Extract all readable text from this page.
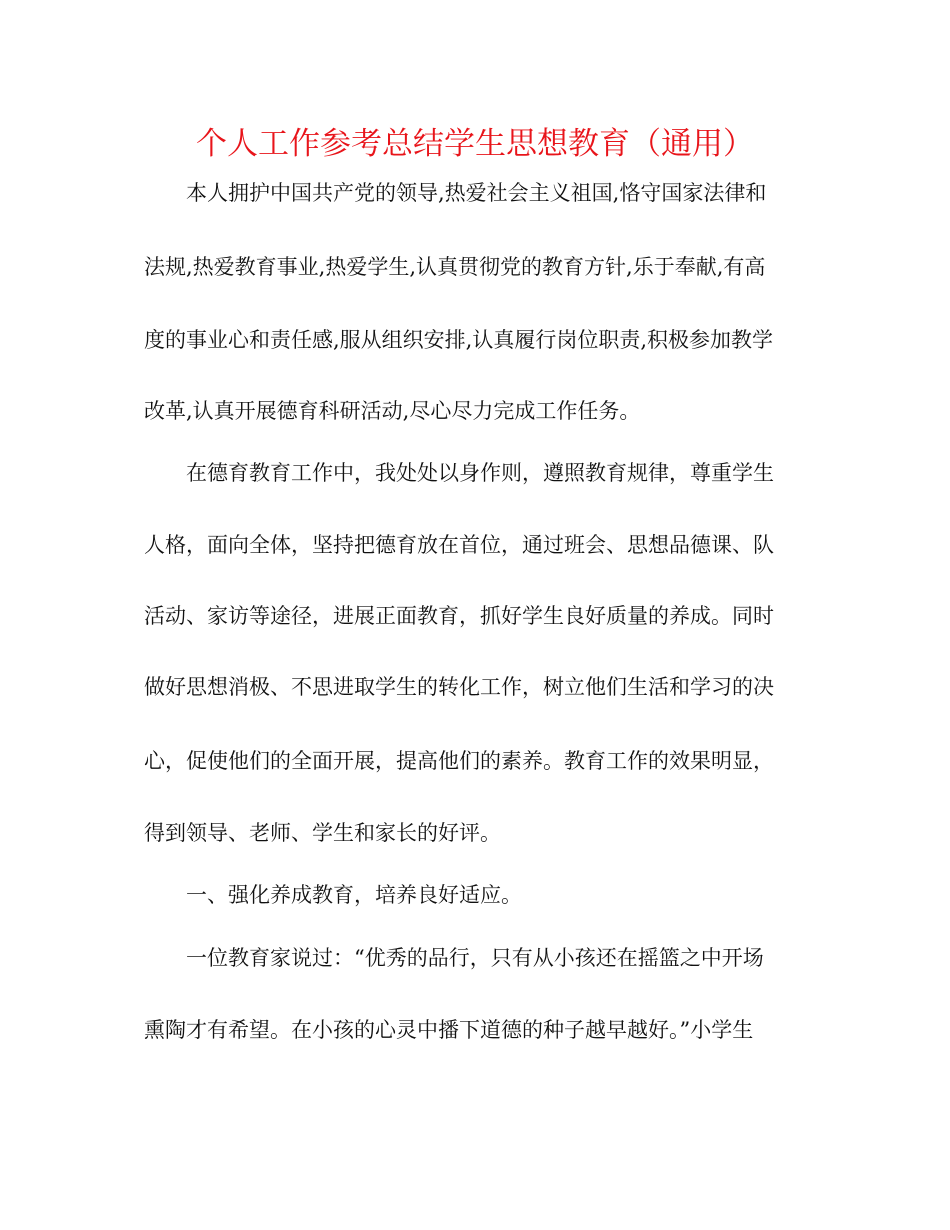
个人工作参考总结学生思想教育（通用）
本人拥护中国共产党的领导,热爱社会主义祖国,恪守国家法律和
法规,热爱教育事业,热爱学生,认真贯彻党的教育方针,乐于奉献,有高
度的事业心和责任感,服从组织安排,认真履行岗位职责,积极参加教学
改革,认真开展德育科研活动,尽心尽力完成工作任务。
在德育教育工作中，我处处以身作则，遵照教育规律，尊重学生
人格，面向全体，坚持把德育放在首位，通过班会、思想品德课、队
活动、家访等途径，进展正面教育，抓好学生良好质量的养成。同时
做好思想消极、不思进取学生的转化工作，树立他们生活和学习的决
心，促使他们的全面开展，提高他们的素养。教育工作的效果明显，
得到领导、老师、学生和家长的好评。
一、强化养成教育，培养良好适应。
一位教育家说过：“优秀的品行，只有从小孩还在摇篮之中开场
熏陶才有希望。在小孩的心灵中播下道德的种子越早越好。”小学生
